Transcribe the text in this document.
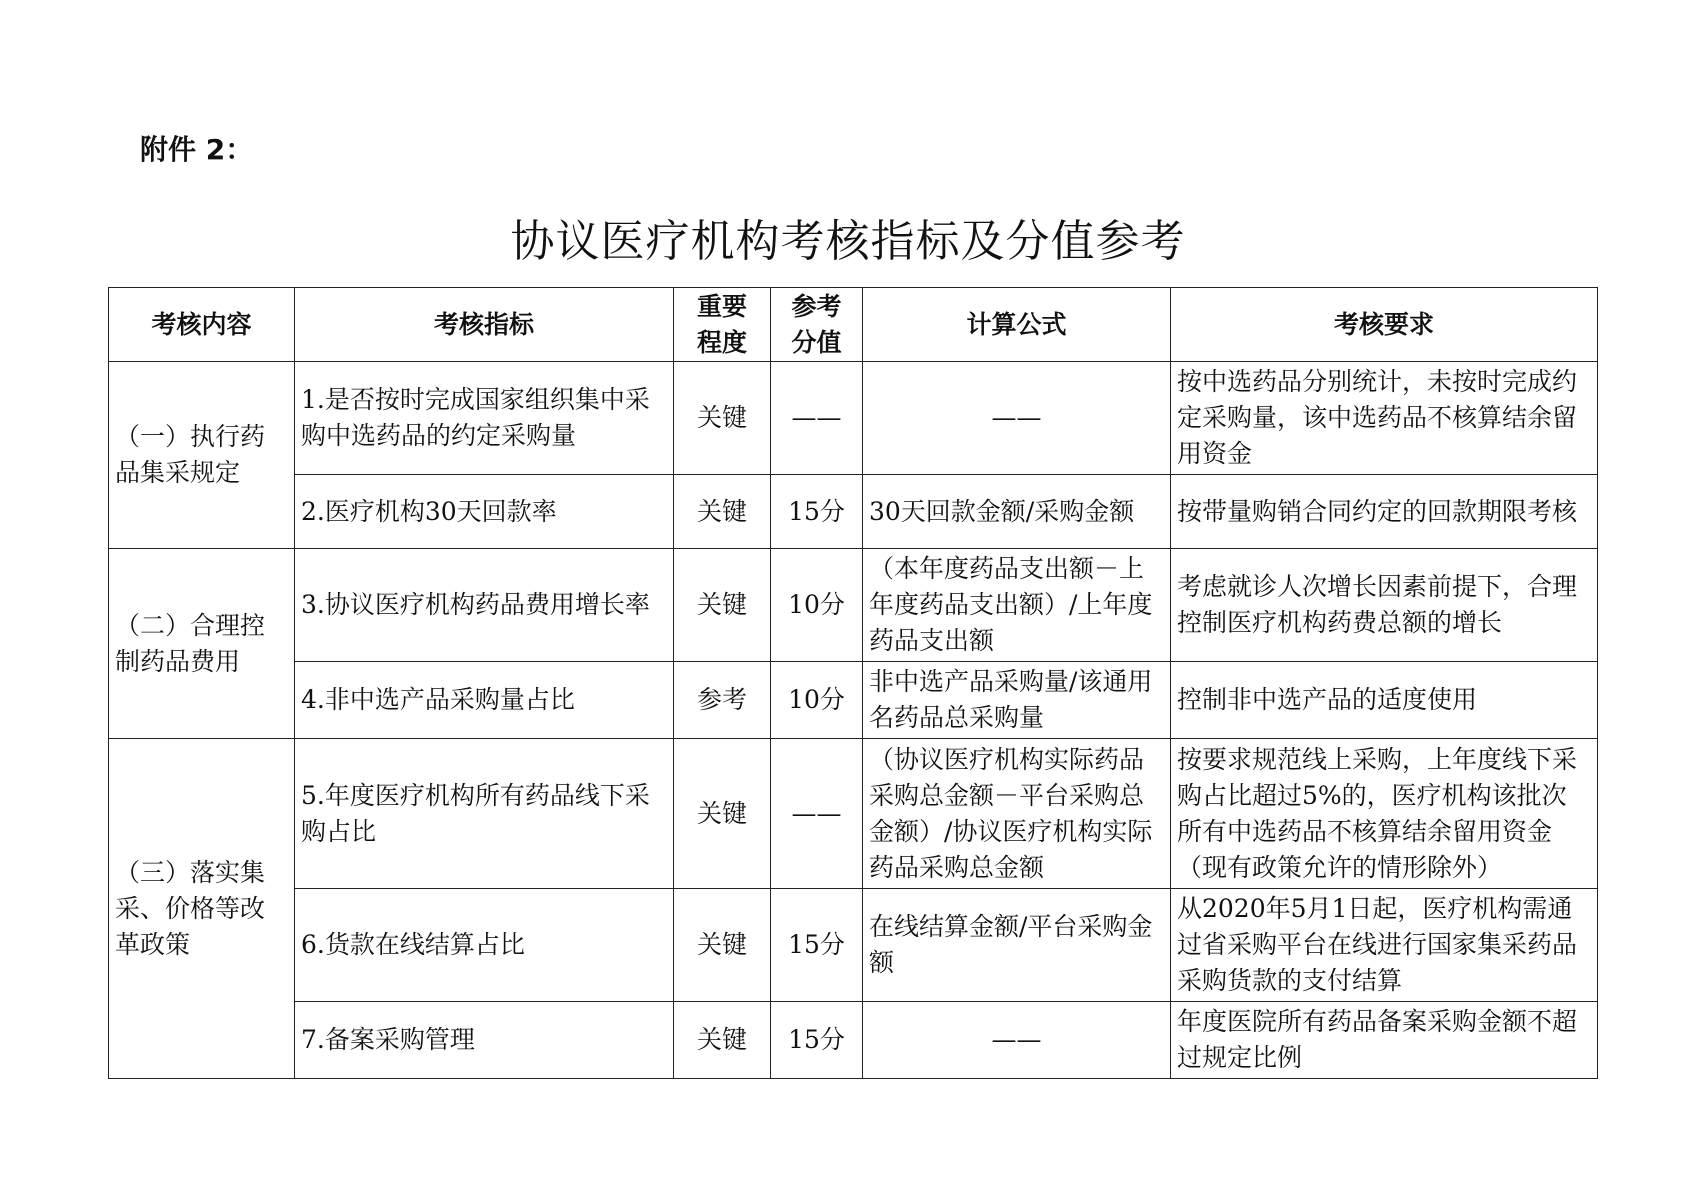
附件 2：
协议医疗机构考核指标及分值参考
考核内容	考核指标	重要程度	参考分值	计算公式	考核要求
（一）执行药品集采规定	1.是否按时完成国家组织集中采购中选药品的约定采购量	关键	——	——	按中选药品分别统计，未按时完成约定采购量，该中选药品不核算结余留用资金
	2.医疗机构30天回款率	关键	15分	30天回款金额/采购金额	按带量购销合同约定的回款期限考核
（二）合理控制药品费用	3.协议医疗机构药品费用增长率	关键	10分	（本年度药品支出额－上年度药品支出额）/上年度药品支出额	考虑就诊人次增长因素前提下，合理控制医疗机构药费总额的增长
	4.非中选产品采购量占比	参考	10分	非中选产品采购量/该通用名药品总采购量	控制非中选产品的适度使用
（三）落实集采、价格等改革政策	5.年度医疗机构所有药品线下采购占比	关键	——	（协议医疗机构实际药品采购总金额－平台采购总金额）/协议医疗机构实际药品采购总金额	按要求规范线上采购，上年度线下采购占比超过5%的，医疗机构该批次所有中选药品不核算结余留用资金（现有政策允许的情形除外）
	6.货款在线结算占比	关键	15分	在线结算金额/平台采购金额	从2020年5月1日起，医疗机构需通过省采购平台在线进行国家集采药品采购货款的支付结算
	7.备案采购管理	关键	15分	——	年度医院所有药品备案采购金额不超过规定比例
